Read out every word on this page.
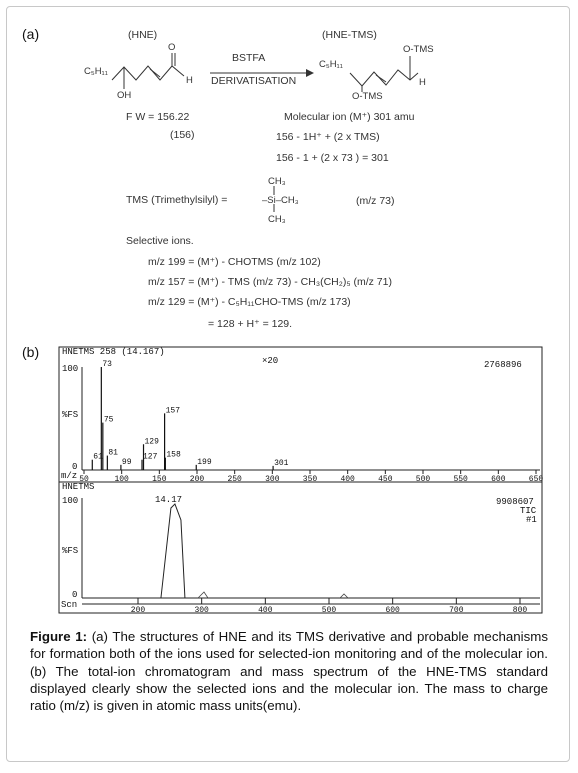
(a)	(HNE)	(HNE-TMS)
C₅H₁₁
O
H
OH
BSTFA
DERIVATISATION
C₅H₁₁
O-TMS
H
O-TMS
F W = 156.22
(156)
Molecular ion (M⁺) 301 amu
156 - 1H⁺ + (2 x TMS)
156 - 1 + (2 x 73 ) = 301
TMS (Trimethylsilyl) =
CH₃
–Si–CH₃
CH₃
(m/z 73)
Selective ions.
m/z 199 = (M⁺) - CHOTMS (m/z 102)
m/z 157 = (M⁺) - TMS (m/z 73) - CH₃(CH₂)₅ (m/z 71)
m/z 129 = (M⁺) - C₅H₁₁CHO-TMS (m/z 173)
= 128 + H⁺ = 129.
(b)
50	100	150	200	250	300	350	400	450	500	550	600	650
61
73
75
81
99
127
129
157
158
199	301
200	300	400	500	600	700	800
HNETMS 258 (14.167)
100
%FS
0
×20	2768896
m/z
HNETMS
100
%FS
0
Scn
9908607
TIC
#1
14.17
Figure 1: (a) The structures of HNE and its TMS derivative and probable mechanisms for formation both of the ions used for selected-ion monitoring and of the molecular ion. (b) The total-ion chromatogram and mass spectrum of the HNE-TMS standard displayed clearly show the selected ions and the molecular ion. The mass to charge ratio (m/z) is given in atomic mass units(emu).
